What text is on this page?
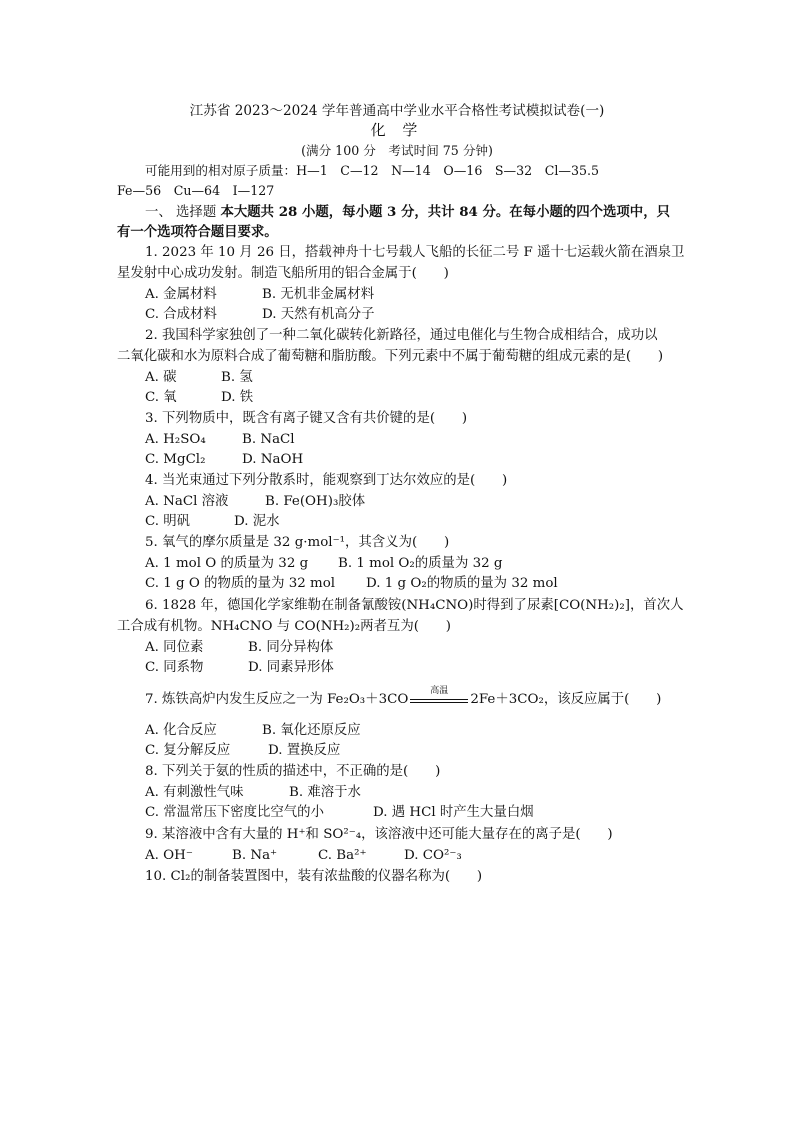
江苏省 2023～2024 学年普通高中学业水平合格性考试模拟试卷(一)
化 学
(满分 100 分　考试时间 75 分钟)
可能用到的相对原子质量：H—1　C—12　N—14　O—16　S—32　Cl—35.5
Fe—56　Cu—64　I—127
一、 选择题 本大题共 28 小题，每小题 3 分，共计 84 分。在每小题的四个选项中，只
有一个选项符合题目要求。
1. 2023 年 10 月 26 日，搭载神舟十七号载人飞船的长征二号 F 遥十七运载火箭在酒泉卫
星发射中心成功发射。制造飞船所用的铝合金属于(　　)
A. 金属材料	B. 无机非金属材料
C. 合成材料	D. 天然有机高分子
2. 我国科学家独创了一种二氧化碳转化新路径，通过电催化与生物合成相结合，成功以
二氧化碳和水为原料合成了葡萄糖和脂肪酸。下列元素中不属于葡萄糖的组成元素的是(　　)
A. 碳	B. 氢
C. 氧	D. 铁
3. 下列物质中，既含有离子键又含有共价键的是(　　)
A. H₂SO₄	B. NaCl
C. MgCl₂	D. NaOH
4. 当光束通过下列分散系时，能观察到丁达尔效应的是(　　)
A. NaCl 溶液	B. Fe(OH)₃胶体
C. 明矾	D. 泥水
5. 氧气的摩尔质量是 32 g·mol⁻¹，其含义为(　　)
A. 1 mol O 的质量为 32 g B. 1 mol O₂的质量为 32 g
C. 1 g O 的物质的量为 32 mol D. 1 g O₂的物质的量为 32 mol
6. 1828 年，德国化学家维勒在制备氰酸铵(NH₄CNO)时得到了尿素[CO(NH₂)₂]，首次人
工合成有机物。NH₄CNO 与 CO(NH₂)₂两者互为(　　)
A. 同位素	B. 同分异构体
C. 同系物	D. 同素异形体
7. 炼铁高炉内发生反应之一为 Fe₂O₃＋3CO
高温
2Fe＋3CO₂，该反应属于(　　)
A. 化合反应	B. 氧化还原反应
C. 复分解反应	D. 置换反应
8. 下列关于氨的性质的描述中，不正确的是(　　)
A. 有刺激性气味	B. 难溶于水
C. 常温常压下密度比空气的小	D. 遇 HCl 时产生大量白烟
9. 某溶液中含有大量的 H⁺和 SO²⁻₄，该溶液中还可能大量存在的离子是(　　)
A. OH⁻	B. Na⁺	C. Ba²⁺	D. CO²⁻₃
10. Cl₂的制备装置图中，装有浓盐酸的仪器名称为(　　)
